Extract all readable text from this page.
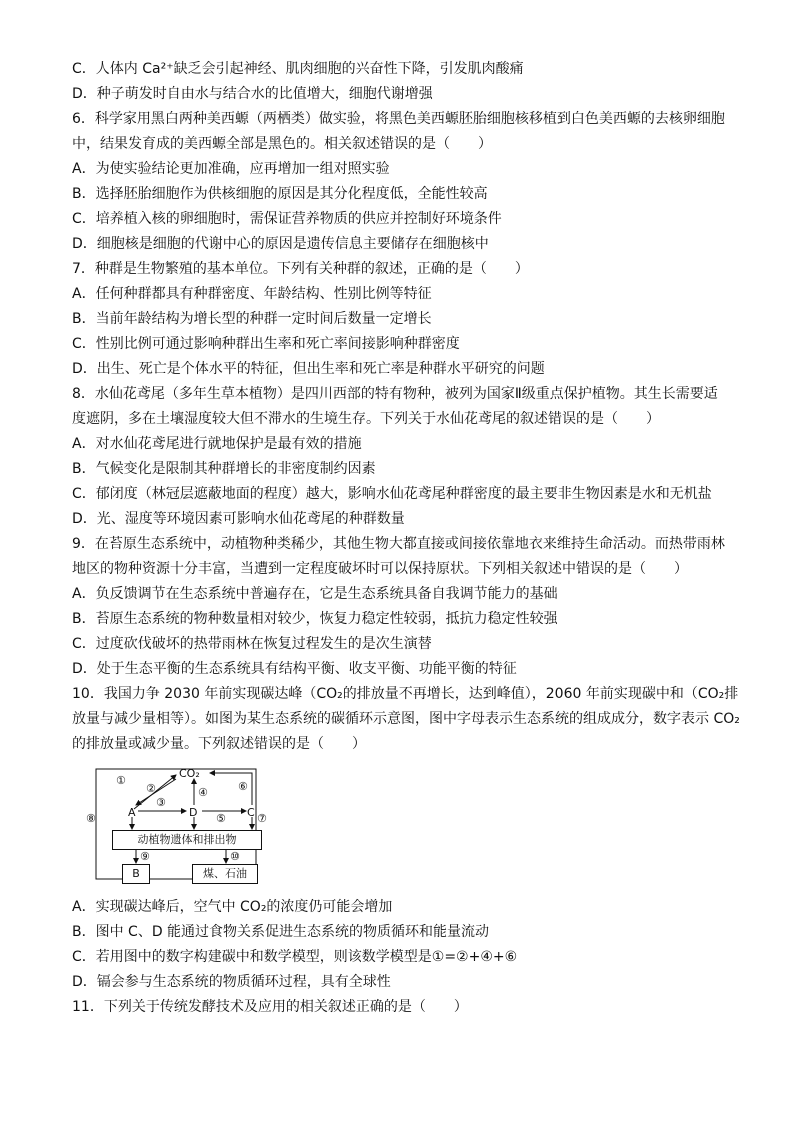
C．人体内 Ca²⁺缺乏会引起神经、肌肉细胞的兴奋性下降，引发肌肉酸痛
D．种子萌发时自由水与结合水的比值增大，细胞代谢增强
6．科学家用黑白两种美西螈（两栖类）做实验，将黑色美西螈胚胎细胞核移植到白色美西螈的去核卵细胞
中，结果发育成的美西螈全部是黑色的。相关叙述错误的是（　　）
A．为使实验结论更加准确，应再增加一组对照实验
B．选择胚胎细胞作为供核细胞的原因是其分化程度低，全能性较高
C．培养植入核的卵细胞时，需保证营养物质的供应并控制好环境条件
D．细胞核是细胞的代谢中心的原因是遗传信息主要储存在细胞核中
7．种群是生物繁殖的基本单位。下列有关种群的叙述，正确的是（　　）
A．任何种群都具有种群密度、年龄结构、性别比例等特征
B．当前年龄结构为增长型的种群一定时间后数量一定增长
C．性别比例可通过影响种群出生率和死亡率间接影响种群密度
D．出生、死亡是个体水平的特征，但出生率和死亡率是种群水平研究的问题
8．水仙花鸢尾（多年生草本植物）是四川西部的特有物种，被列为国家Ⅱ级重点保护植物。其生长需要适
度遮阴，多在土壤湿度较大但不滞水的生境生存。下列关于水仙花鸢尾的叙述错误的是（　　）
A．对水仙花鸢尾进行就地保护是最有效的措施
B．气候变化是限制其种群增长的非密度制约因素
C．郁闭度（林冠层遮蔽地面的程度）越大，影响水仙花鸢尾种群密度的最主要非生物因素是水和无机盐
D．光、湿度等环境因素可影响水仙花鸢尾的种群数量
9．在苔原生态系统中，动植物种类稀少，其他生物大都直接或间接依靠地衣来维持生命活动。而热带雨林
地区的物种资源十分丰富，当遭到一定程度破坏时可以保持原状。下列相关叙述中错误的是（　　）
A．负反馈调节在生态系统中普遍存在，它是生态系统具备自我调节能力的基础
B．苔原生态系统的物种数量相对较少，恢复力稳定性较弱，抵抗力稳定性较强
C．过度砍伐破坏的热带雨林在恢复过程发生的是次生演替
D．处于生态平衡的生态系统具有结构平衡、收支平衡、功能平衡的特征
10．我国力争 2030 年前实现碳达峰（CO₂的排放量不再增长，达到峰值），2060 年前实现碳中和（CO₂排
放量与减少量相等）。如图为某生态系统的碳循环示意图，图中字母表示生态系统的组成成分，数字表示 CO₂
的排放量或减少量。下列叙述错误的是（　　）
CO₂
A	D	C
①
②
③
④
⑤
⑥
⑦
⑧
⑨	⑩
动植物遗体和排出物
B	煤、石油
A．实现碳达峰后，空气中 CO₂的浓度仍可能会增加
B．图中 C、D 能通过食物关系促进生态系统的物质循环和能量流动
C．若用图中的数字构建碳中和数学模型，则该数学模型是①=②+④+⑥
D．镉会参与生态系统的物质循环过程，具有全球性
11．下列关于传统发酵技术及应用的相关叙述正确的是（　　）
